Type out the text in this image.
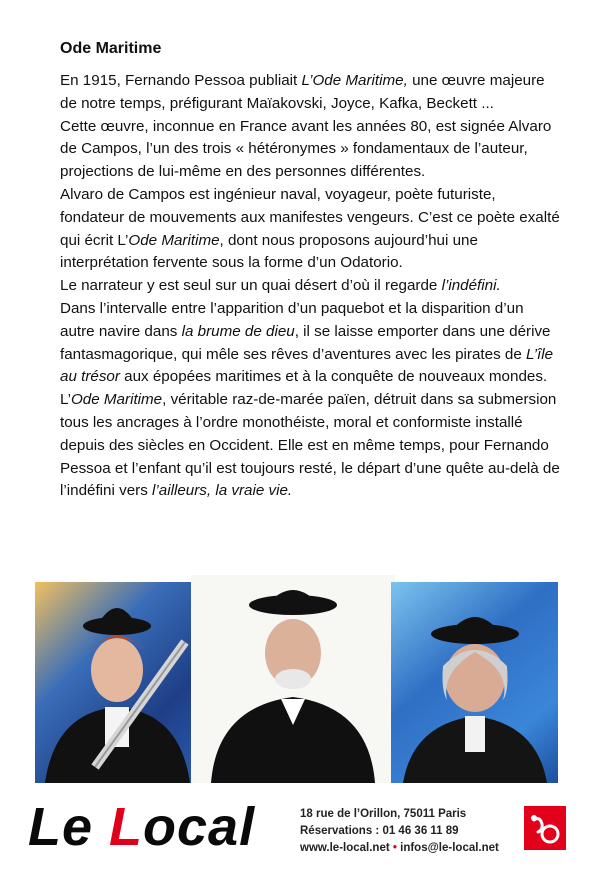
Ode Maritime

En 1915, Fernando Pessoa publiait L’Ode Maritime, une œuvre majeure de notre temps, préfigurant Maïakovski, Joyce, Kafka, Beckett ...

Cette œuvre, inconnue en France avant les années 80, est signée Alvaro de Campos, l’un des trois « hétéronymes » fondamentaux de l’auteur, projections de lui-même en des personnes différentes.

Alvaro de Campos est ingénieur naval, voyageur, poète futuriste, fondateur de mouvements aux manifestes vengeurs. C’est ce poète exalté qui écrit L’Ode Maritime, dont nous proposons aujourd’hui une interprétation fervente sous la forme d’un Odatorio.

Le narrateur y est seul sur un quai désert d’où il regarde l’indéfini.

Dans l’intervalle entre l’apparition d’un paquebot et la disparition d’un autre navire dans la brume de dieu, il se laisse emporter dans une dérive fantasmagorique, qui mêle ses rêves d’aventures avec les pirates de L’île au trésor aux épopées maritimes et à la conquête de nouveaux mondes.

L’Ode Maritime, véritable raz-de-marée païen, détruit dans sa submersion tous les ancrages à l’ordre monothéiste, moral et conformiste installé depuis des siècles en Occident. Elle est en même temps, pour Fernando Pessoa et l’enfant qu’il est toujours resté, le départ d’une quête au-delà de l’indéfini vers l’ailleurs, la vraie vie.

Le Local	18 rue de l’Orillon, 75011 Paris
Réservations : 01 46 36 11 89
www.le-local.net • infos@le-local.net
